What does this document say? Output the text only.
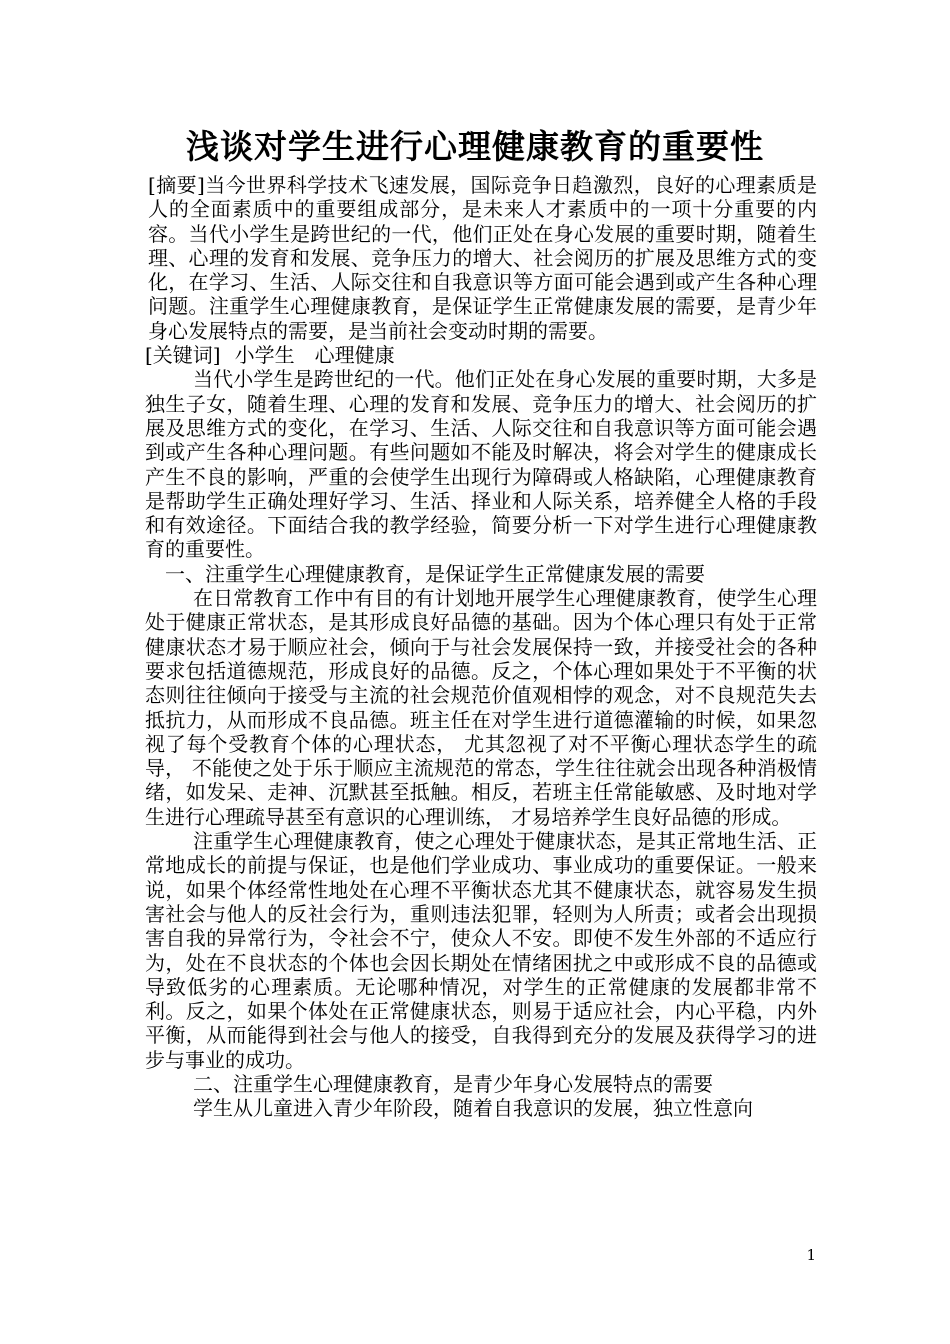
浅谈对学生进行心理健康教育的重要性

[摘要]当今世界科学技术飞速发展，国际竞争日趋激烈，良好的心理素质是人的全面素质中的重要组成部分，是未来人才素质中的一项十分重要的内容。当代小学生是跨世纪的一代，他们正处在身心发展的重要时期，随着生理、心理的发育和发展、竞争压力的增大、社会阅历的扩展及思维方式的变化，在学习、生活、人际交往和自我意识等方面可能会遇到或产生各种心理问题。注重学生心理健康教育，是保证学生正常健康发展的需要，是青少年身心发展特点的需要，是当前社会变动时期的需要。

[关键词] 小学生 心理健康

当代小学生是跨世纪的一代。他们正处在身心发展的重要时期，大多是独生子女，随着生理、心理的发育和发展、竞争压力的增大、社会阅历的扩展及思维方式的变化，在学习、生活、人际交往和自我意识等方面可能会遇到或产生各种心理问题。有些问题如不能及时解决，将会对学生的健康成长产生不良的影响，严重的会使学生出现行为障碍或人格缺陷，心理健康教育是帮助学生正确处理好学习、生活、择业和人际关系，培养健全人格的手段和有效途径。下面结合我的教学经验，简要分析一下对学生进行心理健康教育的重要性。

一、注重学生心理健康教育，是保证学生正常健康发展的需要

在日常教育工作中有目的有计划地开展学生心理健康教育，使学生心理处于健康正常状态，是其形成良好品德的基础。因为个体心理只有处于正常健康状态才易于顺应社会，倾向于与社会发展保持一致，并接受社会的各种要求包括道德规范，形成良好的品德。反之，个体心理如果处于不平衡的状态则往往倾向于接受与主流的社会规范价值观相悖的观念，对不良规范失去抵抗力，从而形成不良品德。班主任在对学生进行道德灌输的时候，如果忽视了每个受教育个体的心理状态， 尤其忽视了对不平衡心理状态学生的疏导， 不能使之处于乐于顺应主流规范的常态，学生往往就会出现各种消极情绪，如发呆、走神、沉默甚至抵触。相反，若班主任常能敏感、及时地对学生进行心理疏导甚至有意识的心理训练， 才易培养学生良好品德的形成。

注重学生心理健康教育，使之心理处于健康状态，是其正常地生活、正常地成长的前提与保证，也是他们学业成功、事业成功的重要保证。一般来说，如果个体经常性地处在心理不平衡状态尤其不健康状态，就容易发生损害社会与他人的反社会行为，重则违法犯罪，轻则为人所责；或者会出现损害自我的异常行为，令社会不宁，使众人不安。即使不发生外部的不适应行为，处在不良状态的个体也会因长期处在情绪困扰之中或形成不良的品德或导致低劣的心理素质。无论哪种情况，对学生的正常健康的发展都非常不利。反之，如果个体处在正常健康状态，则易于适应社会，内心平稳，内外平衡，从而能得到社会与他人的接受，自我得到充分的发展及获得学习的进步与事业的成功。

二、注重学生心理健康教育，是青少年身心发展特点的需要

学生从儿童进入青少年阶段，随着自我意识的发展，独立性意向

1
